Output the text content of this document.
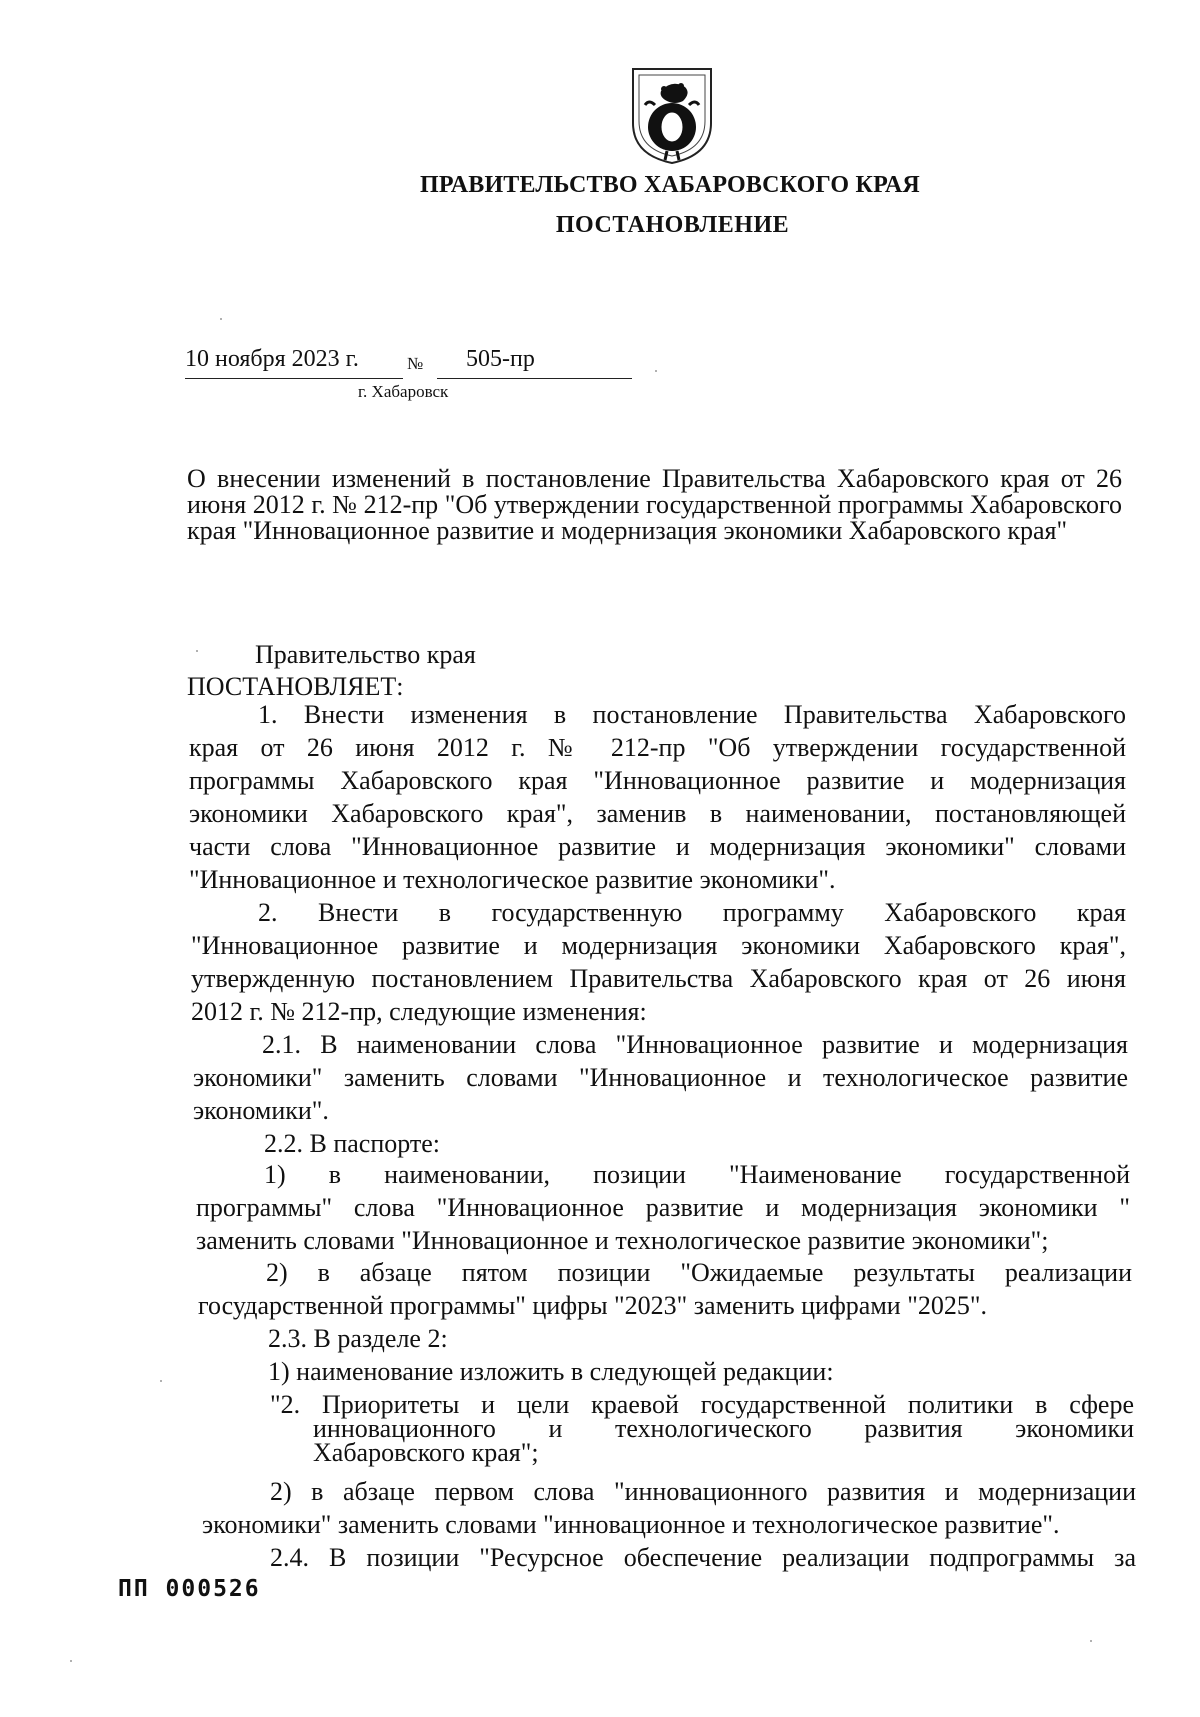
ПРАВИТЕЛЬСТВО ХАБАРОВСКОГО КРАЯ
ПОСТАНОВЛЕНИЕ
10 ноября 2023 г.	№ 505-пр
г. Хабаровск
О внесении изменений в постановление Правительства Хабаровского края от 26 июня 2012 г. № 212-пр "Об утверждении государственной программы Хабаровского края "Инновационное развитие и модернизация экономики Хабаровского края"
Правительство края
ПОСТАНОВЛЯЕТ:
1. Внести изменения в постановление Правительства Хабаровского
края от 26 июня 2012 г. № 212-пр "Об утверждении государственной
программы Хабаровского края "Инновационное развитие и модернизация
экономики Хабаровского края", заменив в наименовании, постановляющей
части слова "Инновационное развитие и модернизация экономики" словами
"Инновационное и технологическое развитие экономики".
2. Внести в государственную программу Хабаровского края
"Инновационное развитие и модернизация экономики Хабаровского края",
утвержденную постановлением Правительства Хабаровского края от 26 июня
2012 г. № 212-пр, следующие изменения:
2.1. В наименовании слова "Инновационное развитие и модернизация
экономики" заменить словами "Инновационное и технологическое развитие
экономики".
2.2. В паспорте:
1) в наименовании, позиции "Наименование государственной
программы" слова "Инновационное развитие и модернизация экономики "
заменить словами "Инновационное и технологическое развитие экономики";
2) в абзаце пятом позиции "Ожидаемые результаты реализации
государственной программы" цифры "2023" заменить цифрами "2025".
2.3. В разделе 2:
1) наименование изложить в следующей редакции:
"2. Приоритеты и цели краевой государственной политики в сфере
инновационного и технологического развития экономики
Хабаровского края";
2) в абзаце первом слова "инновационного развития и модернизации
экономики" заменить словами "инновационное и технологическое развитие".
2.4. В позиции "Ресурсное обеспечение реализации подпрограммы за
ПП 000526
